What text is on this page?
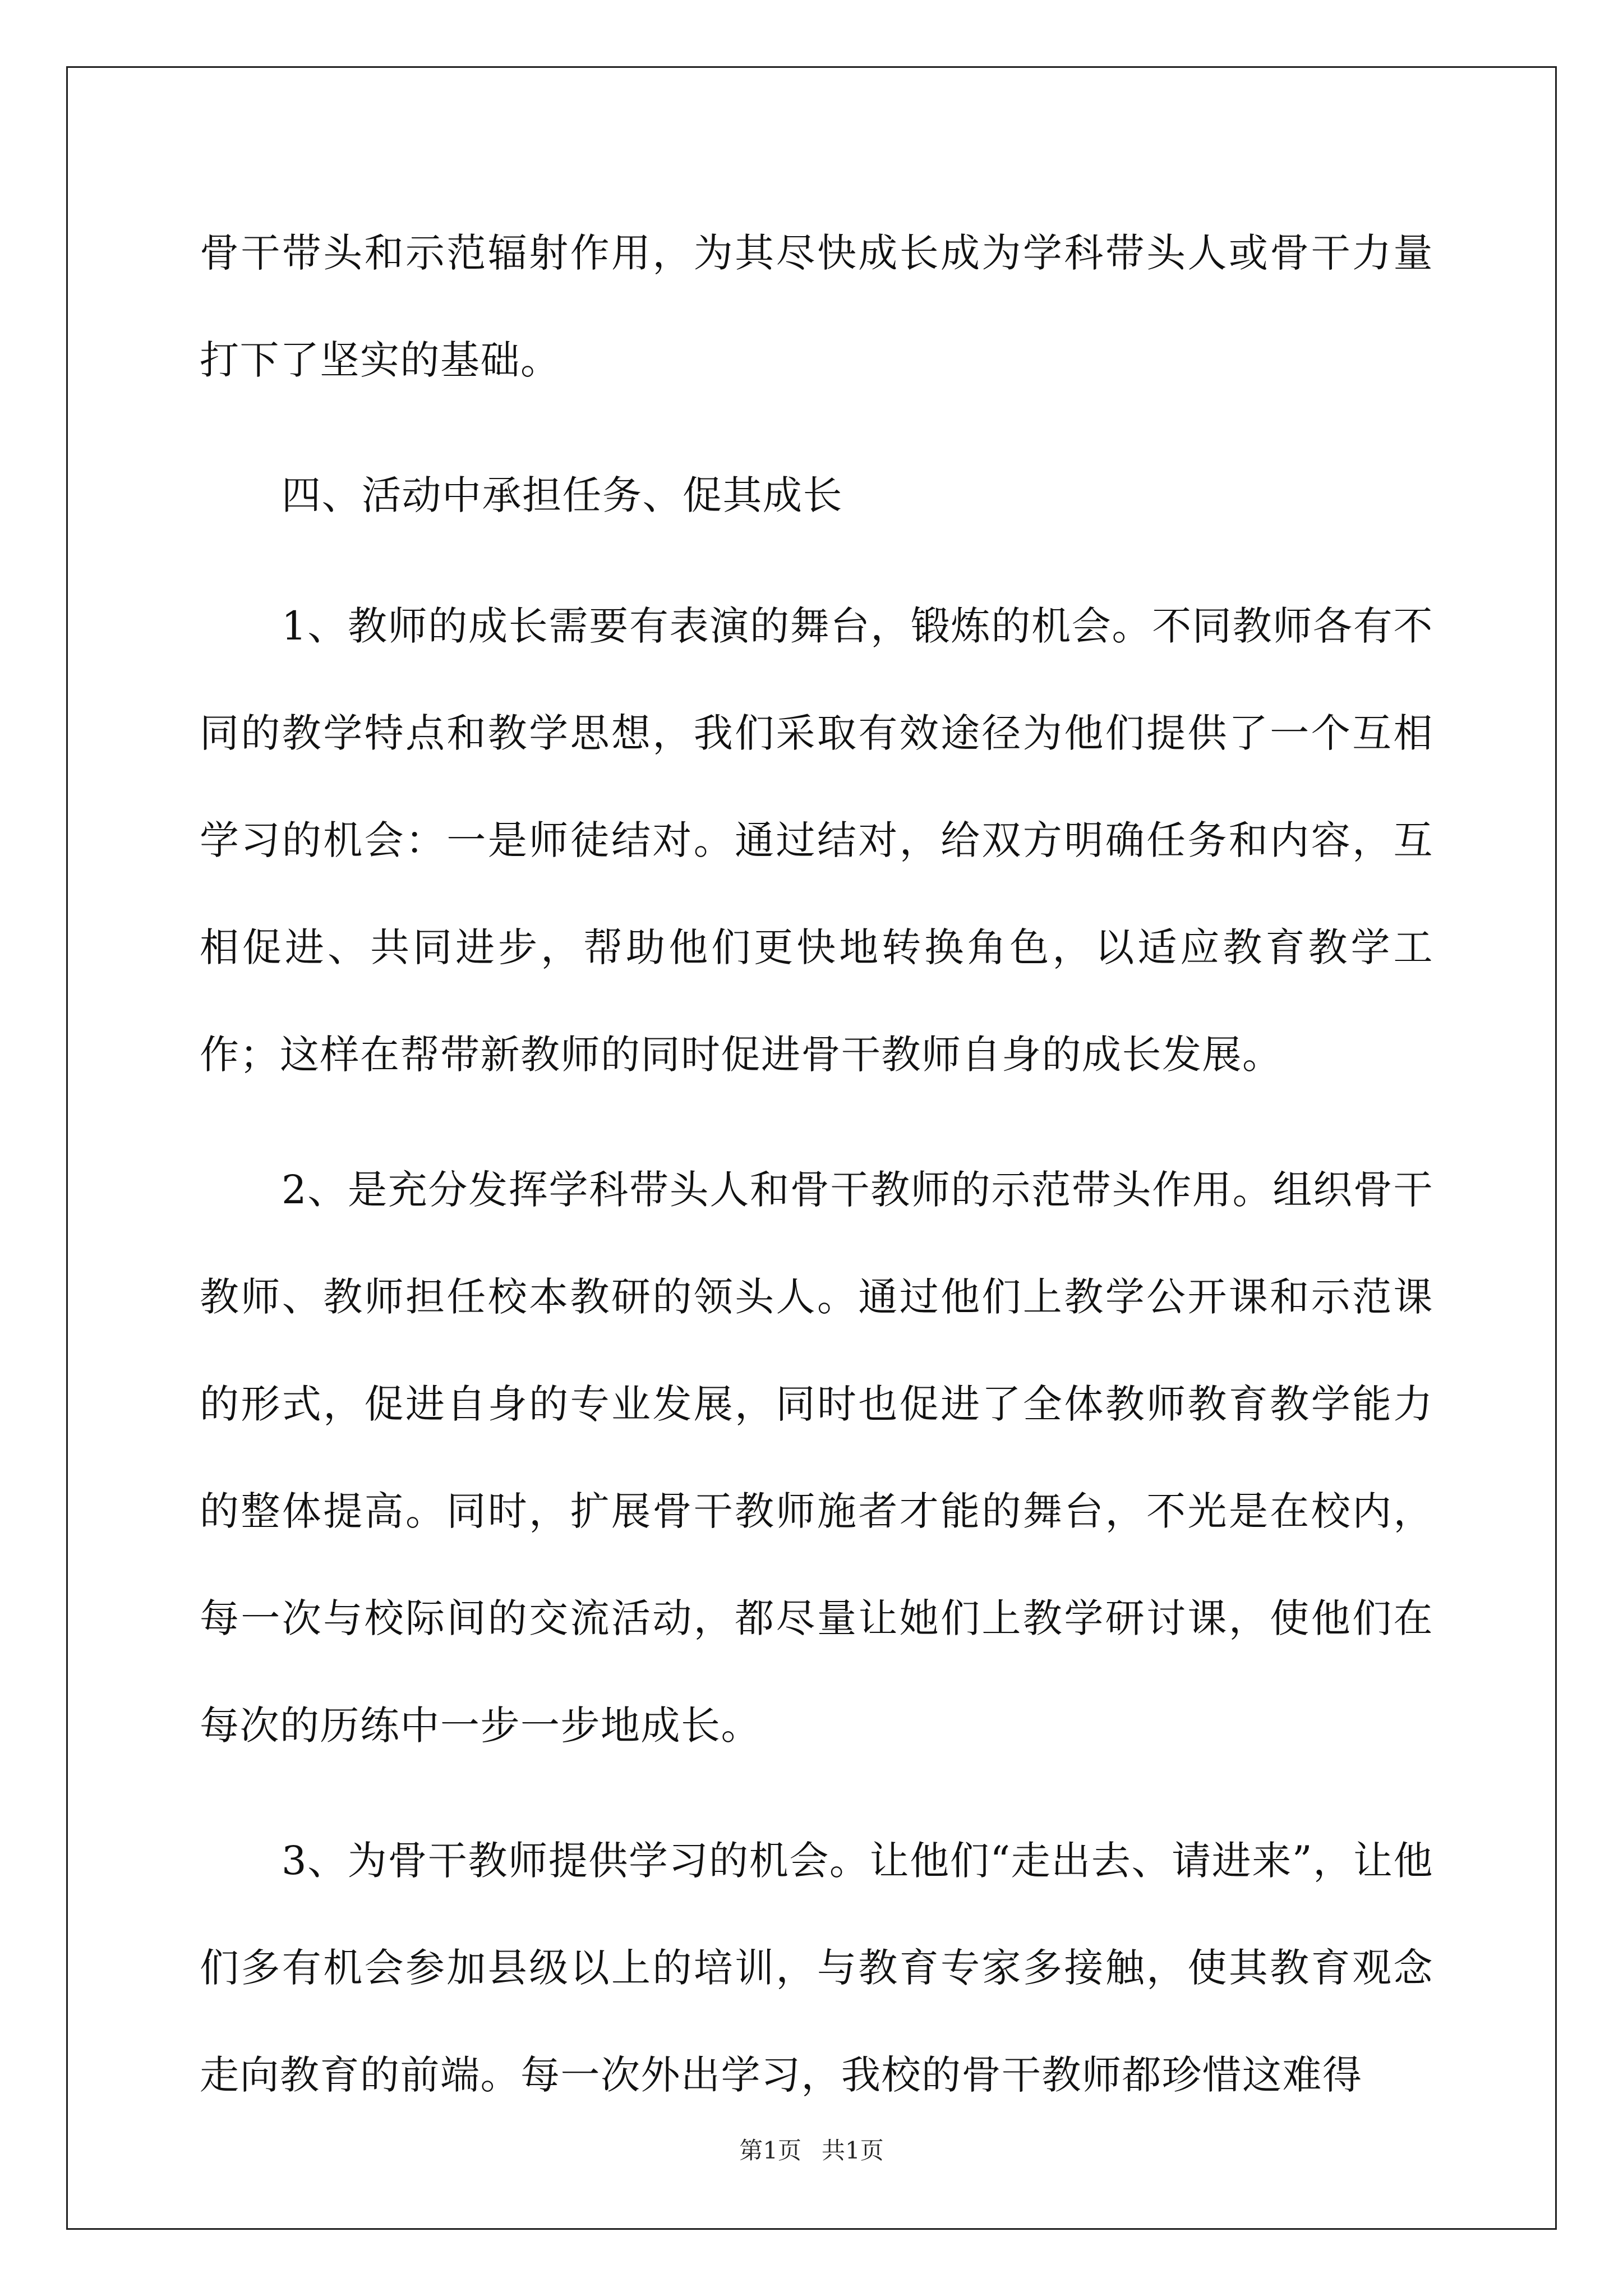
骨干带头和示范辐射作用，为其尽快成长成为学科带头人或骨干力量打下了坚实的基础。

四、活动中承担任务、促其成长

1、教师的成长需要有表演的舞台，锻炼的机会。不同教师各有不同的教学特点和教学思想，我们采取有效途径为他们提供了一个互相学习的机会：一是师徒结对。通过结对，给双方明确任务和内容，互相促进、共同进步，帮助他们更快地转换角色，以适应教育教学工作；这样在帮带新教师的同时促进骨干教师自身的成长发展。

2、是充分发挥学科带头人和骨干教师的示范带头作用。组织骨干教师、教师担任校本教研的领头人。通过他们上教学公开课和示范课的形式，促进自身的专业发展，同时也促进了全体教师教育教学能力的整体提高。同时，扩展骨干教师施者才能的舞台，不光是在校内，每一次与校际间的交流活动，都尽量让她们上教学研讨课，使他们在每次的历练中一步一步地成长。

3、为骨干教师提供学习的机会。让他们“走出去、请进来”，让他们多有机会参加县级以上的培训，与教育专家多接触，使其教育观念走向教育的前端。每一次外出学习，我校的骨干教师都珍惜这难得

第1页 共1页
